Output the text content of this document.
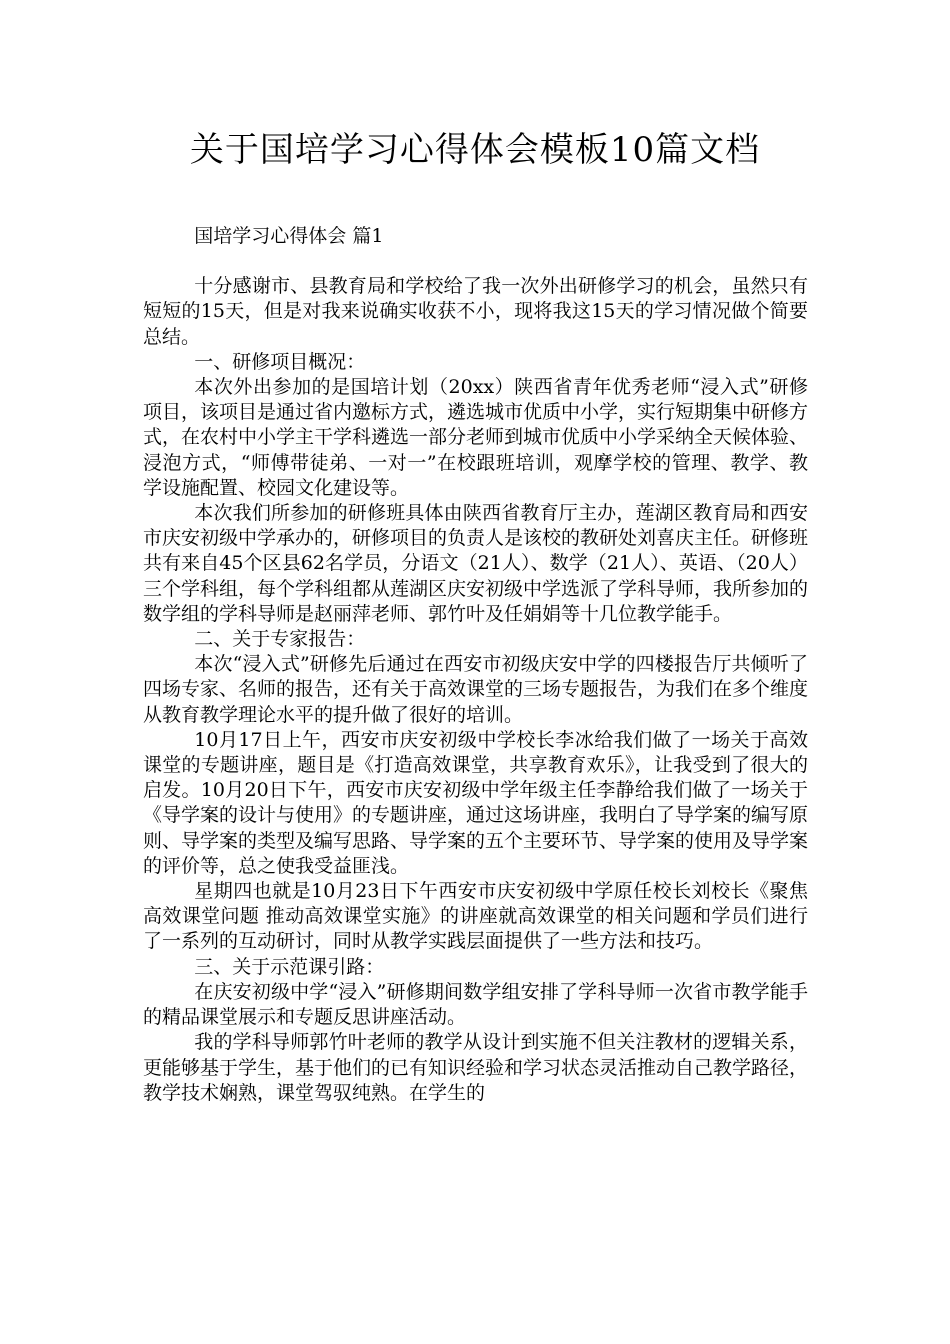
关于国培学习心得体会模板10篇文档

国培学习心得体会 篇1

十分感谢市、县教育局和学校给了我一次外出研修学习的机会，虽然只有短短的15天，但是对我来说确实收获不小，现将我这15天的学习情况做个简要总结。

一、研修项目概况：

本次外出参加的是国培计划（20xx）陕西省青年优秀老师“浸入式”研修项目，该项目是通过省内邀标方式，遴选城市优质中小学，实行短期集中研修方式，在农村中小学主干学科遴选一部分老师到城市优质中小学采纳全天候体验、浸泡方式，“师傅带徒弟、一对一”在校跟班培训，观摩学校的管理、教学、教学设施配置、校园文化建设等。

本次我们所参加的研修班具体由陕西省教育厅主办，莲湖区教育局和西安市庆安初级中学承办的，研修项目的负责人是该校的教研处刘喜庆主任。研修班共有来自45个区县62名学员，分语文（21人）、数学（21人）、英语、（20人）三个学科组，每个学科组都从莲湖区庆安初级中学选派了学科导师，我所参加的数学组的学科导师是赵丽萍老师、郭竹叶及任娟娟等十几位教学能手。

二、关于专家报告：

本次“浸入式”研修先后通过在西安市初级庆安中学的四楼报告厅共倾听了四场专家、名师的报告，还有关于高效课堂的三场专题报告，为我们在多个维度从教育教学理论水平的提升做了很好的培训。

10月17日上午，西安市庆安初级中学校长李冰给我们做了一场关于高效课堂的专题讲座，题目是《打造高效课堂，共享教育欢乐》，让我受到了很大的启发。10月20日下午，西安市庆安初级中学年级主任李静给我们做了一场关于《导学案的设计与使用》的专题讲座，通过这场讲座，我明白了导学案的编写原则、导学案的类型及编写思路、导学案的五个主要环节、导学案的使用及导学案的评价等，总之使我受益匪浅。

星期四也就是10月23日下午西安市庆安初级中学原任校长刘校长《聚焦高效课堂问题 推动高效课堂实施》的讲座就高效课堂的相关问题和学员们进行了一系列的互动研讨，同时从教学实践层面提供了一些方法和技巧。

三、关于示范课引路：

在庆安初级中学“浸入”研修期间数学组安排了学科导师一次省市教学能手的精品课堂展示和专题反思讲座活动。

我的学科导师郭竹叶老师的教学从设计到实施不但关注教材的逻辑关系，更能够基于学生，基于他们的已有知识经验和学习状态灵活推动自己教学路径，教学技术娴熟，课堂驾驭纯熟。在学生的
